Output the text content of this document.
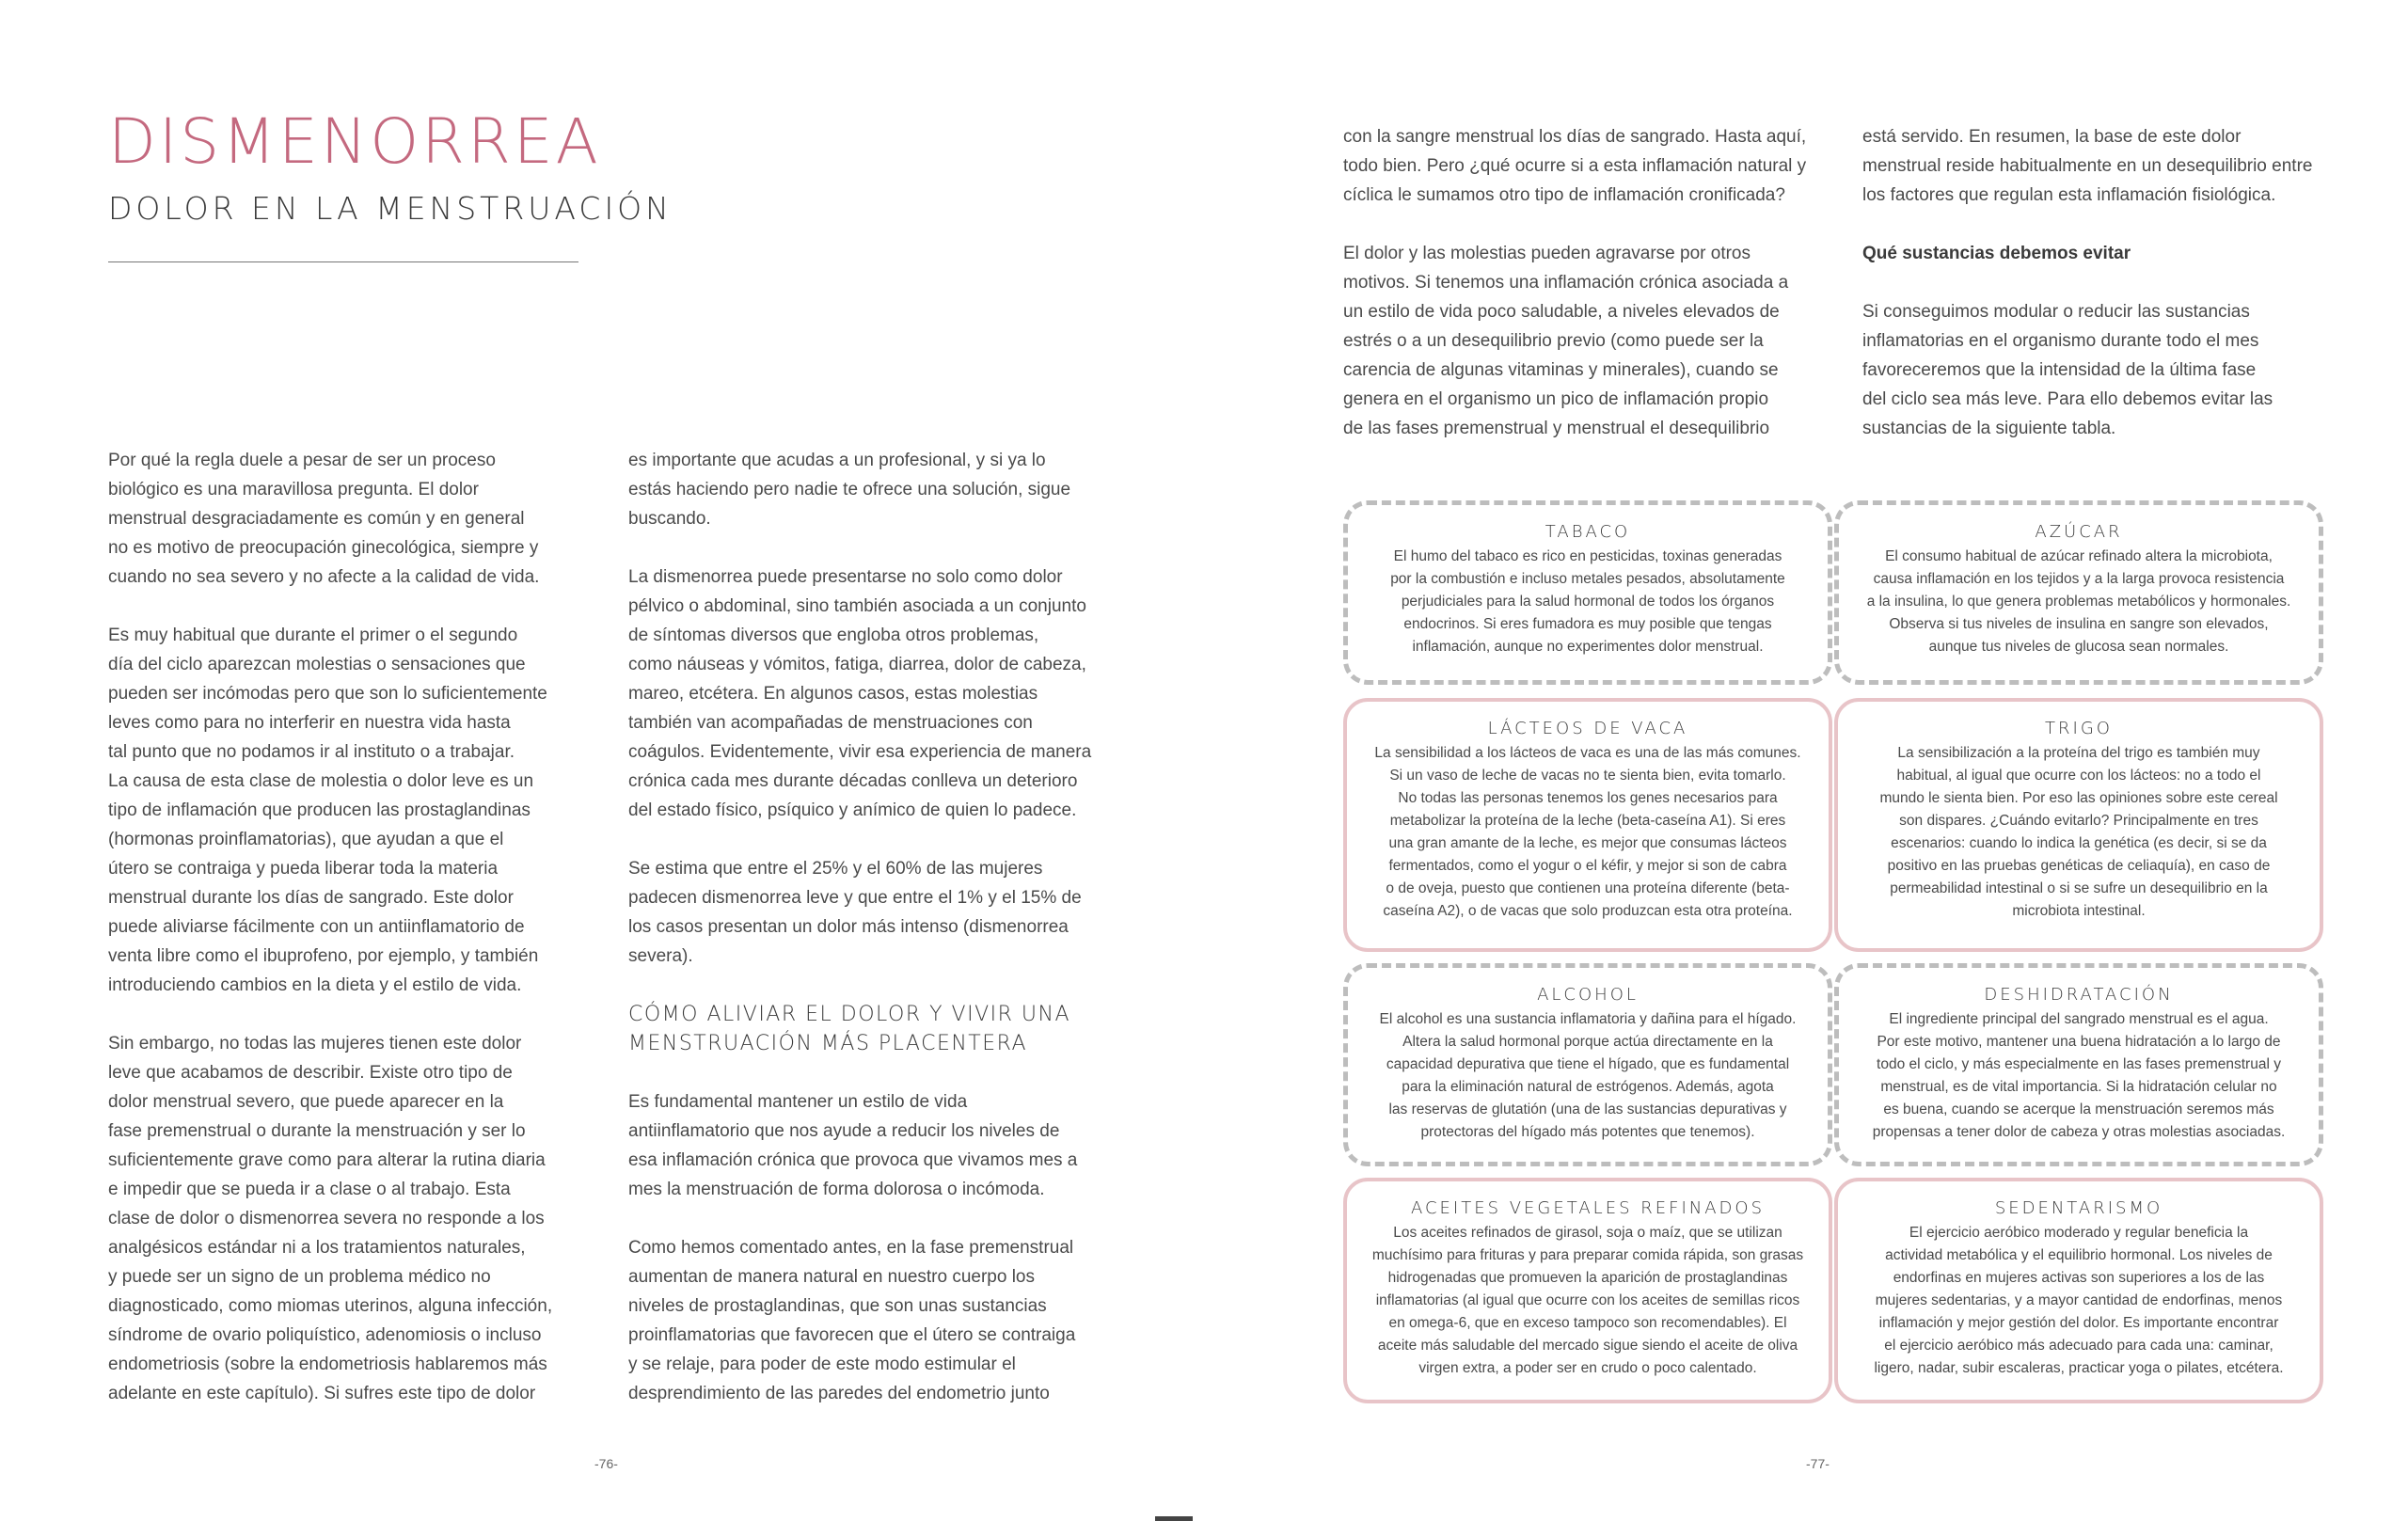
DISMENORREA
DOLOR EN LA MENSTRUACIÓN

Por qué la regla duele a pesar de ser un proceso
biológico es una maravillosa pregunta. El dolor
menstrual desgraciadamente es común y en general
no es motivo de preocupación ginecológica, siempre y
cuando no sea severo y no afecte a la calidad de vida.

Es muy habitual que durante el primer o el segundo
día del ciclo aparezcan molestias o sensaciones que
pueden ser incómodas pero que son lo suficientemente
leves como para no interferir en nuestra vida hasta
tal punto que no podamos ir al instituto o a trabajar.
La causa de esta clase de molestia o dolor leve es un
tipo de inflamación que producen las prostaglandinas
(hormonas proinflamatorias), que ayudan a que el
útero se contraiga y pueda liberar toda la materia
menstrual durante los días de sangrado. Este dolor
puede aliviarse fácilmente con un antiinflamatorio de
venta libre como el ibuprofeno, por ejemplo, y también
introduciendo cambios en la dieta y el estilo de vida.

Sin embargo, no todas las mujeres tienen este dolor
leve que acabamos de describir. Existe otro tipo de
dolor menstrual severo, que puede aparecer en la
fase premenstrual o durante la menstruación y ser lo
suficientemente grave como para alterar la rutina diaria
e impedir que se pueda ir a clase o al trabajo. Esta
clase de dolor o dismenorrea severa no responde a los
analgésicos estándar ni a los tratamientos naturales,
y puede ser un signo de un problema médico no
diagnosticado, como miomas uterinos, alguna infección,
síndrome de ovario poliquístico, adenomiosis o incluso
endometriosis (sobre la endometriosis hablaremos más
adelante en este capítulo). Si sufres este tipo de dolor

es importante que acudas a un profesional, y si ya lo
estás haciendo pero nadie te ofrece una solución, sigue
buscando.

La dismenorrea puede presentarse no solo como dolor
pélvico o abdominal, sino también asociada a un conjunto
de síntomas diversos que engloba otros problemas,
como náuseas y vómitos, fatiga, diarrea, dolor de cabeza,
mareo, etcétera. En algunos casos, estas molestias
también van acompañadas de menstruaciones con
coágulos. Evidentemente, vivir esa experiencia de manera
crónica cada mes durante décadas conlleva un deterioro
del estado físico, psíquico y anímico de quien lo padece.

Se estima que entre el 25% y el 60% de las mujeres
padecen dismenorrea leve y que entre el 1% y el 15% de
los casos presentan un dolor más intenso (dismenorrea
severa).

CÓMO ALIVIAR EL DOLOR Y VIVIR UNA
MENSTRUACIÓN MÁS PLACENTERA

Es fundamental mantener un estilo de vida
antiinflamatorio que nos ayude a reducir los niveles de
esa inflamación crónica que provoca que vivamos mes a
mes la menstruación de forma dolorosa o incómoda.

Como hemos comentado antes, en la fase premenstrual
aumentan de manera natural en nuestro cuerpo los
niveles de prostaglandinas, que son unas sustancias
proinflamatorias que favorecen que el útero se contraiga
y se relaje, para poder de este modo estimular el
desprendimiento de las paredes del endometrio junto

-76-

con la sangre menstrual los días de sangrado. Hasta aquí,
todo bien. Pero ¿qué ocurre si a esta inflamación natural y
cíclica le sumamos otro tipo de inflamación cronificada?

El dolor y las molestias pueden agravarse por otros
motivos. Si tenemos una inflamación crónica asociada a
un estilo de vida poco saludable, a niveles elevados de
estrés o a un desequilibrio previo (como puede ser la
carencia de algunas vitaminas y minerales), cuando se
genera en el organismo un pico de inflamación propio
de las fases premenstrual y menstrual el desequilibrio

está servido. En resumen, la base de este dolor
menstrual reside habitualmente en un desequilibrio entre
los factores que regulan esta inflamación fisiológica.

Qué sustancias debemos evitar

Si conseguimos modular o reducir las sustancias
inflamatorias en el organismo durante todo el mes
favoreceremos que la intensidad de la última fase
del ciclo sea más leve. Para ello debemos evitar las
sustancias de la siguiente tabla.

TABACO
El humo del tabaco es rico en pesticidas, toxinas generadas
por la combustión e incluso metales pesados, absolutamente
perjudiciales para la salud hormonal de todos los órganos
endocrinos. Si eres fumadora es muy posible que tengas
inflamación, aunque no experimentes dolor menstrual.
AZÚCAR
El consumo habitual de azúcar refinado altera la microbiota,
causa inflamación en los tejidos y a la larga provoca resistencia
a la insulina, lo que genera problemas metabólicos y hormonales.
Observa si tus niveles de insulina en sangre son elevados,
aunque tus niveles de glucosa sean normales.
LÁCTEOS DE VACA
La sensibilidad a los lácteos de vaca es una de las más comunes.
Si un vaso de leche de vacas no te sienta bien, evita tomarlo.
No todas las personas tenemos los genes necesarios para
metabolizar la proteína de la leche (beta-caseína A1). Si eres
una gran amante de la leche, es mejor que consumas lácteos
fermentados, como el yogur o el kéfir, y mejor si son de cabra
o de oveja, puesto que contienen una proteína diferente (beta-
caseína A2), o de vacas que solo produzcan esta otra proteína.
TRIGO
La sensibilización a la proteína del trigo es también muy
habitual, al igual que ocurre con los lácteos: no a todo el
mundo le sienta bien. Por eso las opiniones sobre este cereal
son dispares. ¿Cuándo evitarlo? Principalmente en tres
escenarios: cuando lo indica la genética (es decir, si se da
positivo en las pruebas genéticas de celiaquía), en caso de
permeabilidad intestinal o si se sufre un desequilibrio en la
microbiota intestinal.
ALCOHOL
El alcohol es una sustancia inflamatoria y dañina para el hígado.
Altera la salud hormonal porque actúa directamente en la
capacidad depurativa que tiene el hígado, que es fundamental
para la eliminación natural de estrógenos. Además, agota
las reservas de glutatión (una de las sustancias depurativas y
protectoras del hígado más potentes que tenemos).
DESHIDRATACIÓN
El ingrediente principal del sangrado menstrual es el agua.
Por este motivo, mantener una buena hidratación a lo largo de
todo el ciclo, y más especialmente en las fases premenstrual y
menstrual, es de vital importancia. Si la hidratación celular no
es buena, cuando se acerque la menstruación seremos más
propensas a tener dolor de cabeza y otras molestias asociadas.
ACEITES VEGETALES REFINADOS
Los aceites refinados de girasol, soja o maíz, que se utilizan
muchísimo para frituras y para preparar comida rápida, son grasas
hidrogenadas que promueven la aparición de prostaglandinas
inflamatorias (al igual que ocurre con los aceites de semillas ricos
en omega-6, que en exceso tampoco son recomendables). El
aceite más saludable del mercado sigue siendo el aceite de oliva
virgen extra, a poder ser en crudo o poco calentado.
SEDENTARISMO
El ejercicio aeróbico moderado y regular beneficia la
actividad metabólica y el equilibrio hormonal. Los niveles de
endorfinas en mujeres activas son superiores a los de las
mujeres sedentarias, y a mayor cantidad de endorfinas, menos
inflamación y mejor gestión del dolor. Es importante encontrar
el ejercicio aeróbico más adecuado para cada una: caminar,
ligero, nadar, subir escaleras, practicar yoga o pilates, etcétera.
-77-
